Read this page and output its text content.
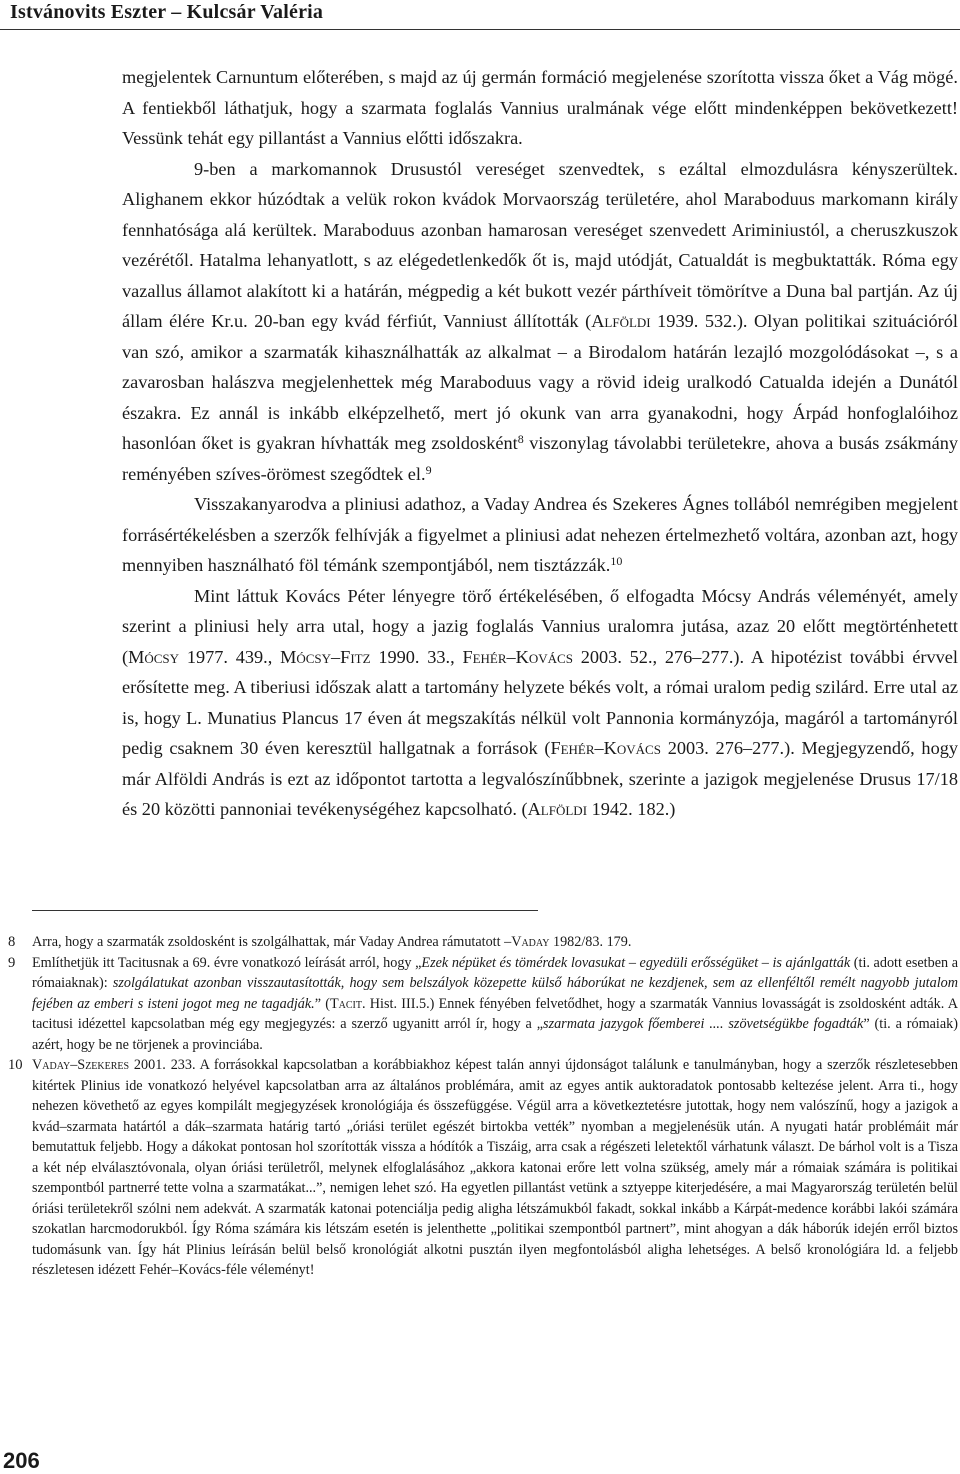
Istvánovits Eszter – Kulcsár Valéria

megjelentek Carnuntum előterében, s majd az új germán formáció megjelenése szorította vissza őket a Vág mögé. A fentiekből láthatjuk, hogy a szarmata foglalás Vannius uralmának vége előtt mindenképpen bekövetkezett! Vessünk tehát egy pillantást a Vannius előtti időszakra.

9-ben a markomannok Drusustól vereséget szenvedtek, s ezáltal elmozdulásra kényszerültek. Alighanem ekkor húzódtak a velük rokon kvádok Morvaország területére, ahol Maraboduus markomann király fennhatósága alá kerültek. Maraboduus azonban hamarosan vereséget szenvedett Ariminiustól, a cheruszkuszok vezérétől. Hatalma lehanyatlott, s az elégedetlenkedők őt is, majd utódját, Catualdát is megbuktatták. Róma egy vazallus államot alakított ki a határán, mégpedig a két bukott vezér párthíveit tömörítve a Duna bal partján. Az új állam élére Kr.u. 20-ban egy kvád férfiút, Vanniust állították (Alföldi 1939. 532.). Olyan politikai szituációról van szó, amikor a szarmaták kihasználhatták az alkalmat – a Birodalom határán lezajló mozgolódásokat –, s a zavarosban halászva megjelenhettek még Maraboduus vagy a rövid ideig uralkodó Catualda idején a Dunától északra. Ez annál is inkább elképzelhető, mert jó okunk van arra gyanakodni, hogy Árpád honfoglalóihoz hasonlóan őket is gyakran hívhatták meg zsoldosként$^8$ viszonylag távolabbi területekre, ahova a busás zsákmány reményében szíves-örömest szegődtek el.$^9$

Visszakanyarodva a pliniusi adathoz, a Vaday Andrea és Szekeres Ágnes tollából nemrégiben megjelent forrásértékelésben a szerzők felhívják a figyelmet a pliniusi adat nehezen értelmezhető voltára, azonban azt, hogy mennyiben használható föl témánk szempontjából, nem tisztázzák.$^{10}$

Mint láttuk Kovács Péter lényegre törő értékelésében, ő elfogadta Mócsy András véleményét, amely szerint a pliniusi hely arra utal, hogy a jazig foglalás Vannius uralomra jutása, azaz 20 előtt megtörténhetett (Mócsy 1977. 439., Mócsy–Fitz 1990. 33., Fehér–Kovács 2003. 52., 276–277.). A hipotézist további érvvel erősítette meg. A tiberiusi időszak alatt a tartomány helyzete békés volt, a római uralom pedig szilárd. Erre utal az is, hogy L. Munatius Plancus 17 éven át megszakítás nélkül volt Pannonia kormányzója, magáról a tartományról pedig csaknem 30 éven keresztül hallgatnak a források (Fehér–Kovács 2003. 276–277.). Megjegyzendő, hogy már Alföldi András is ezt az időpontot tartotta a legvalószínűbbnek, szerinte a jazigok megjelenése Drusus 17/18 és 20 közötti pannoniai tevékenységéhez kapcsolható. (Alföldi 1942. 182.)

8 Arra, hogy a szarmaták zsoldosként is szolgálhattak, már Vaday Andrea rámutatott –Vaday 1982/83. 179.
9 Említhetjük itt Tacitusnak a 69. évre vonatkozó leírását arról, hogy „Ezek népüket és tömérdek lovasukat – egyedüli erősségüket – is ajánlgatták (ti. adott esetben a rómaiaknak): szolgálatukat azonban visszautasították, hogy sem belszályok közepette külső háborúkat ne kezdjenek, sem az ellenféltől remélt nagyobb jutalom fejében az emberi s isteni jogot meg ne tagadják.” (Tacit. Hist. III.5.) Ennek fényében felvetődhet, hogy a szarmaták Vannius lovasságát is zsoldosként adták. A tacitusi idézettel kapcsolatban még egy megjegyzés: a szerző ugyanitt arról ír, hogy a „szarmata jazygok főemberei .... szövetségükbe fogadták” (ti. a rómaiak) azért, hogy be ne törjenek a provinciába.
10 Vaday–Szekeres 2001. 233. A forrásokkal kapcsolatban a korábbiakhoz képest talán annyi újdonságot találunk e tanulmányban, hogy a szerzők részletesebben kitértek Plinius ide vonatkozó helyével kapcsolatban arra az általános problémára, amit az egyes antik auktoradatok pontosabb keltezése jelent. Arra ti., hogy nehezen követhető az egyes kompilált megjegyzések kronológiája és összefüggése. Végül arra a következtetésre jutottak, hogy nem valószínű, hogy a jazigok a kvád–szarmata határtól a dák–szarmata határig tartó „óriási terület egészét birtokba vették” nyomban a megjelenésük után. A nyugati határ problémáit már bemutattuk feljebb. Hogy a dákokat pontosan hol szorították vissza a hódítók a Tiszáig, arra csak a régészeti leletektől várhatunk választ. De bárhol volt is a Tisza a két nép elválasztóvonala, olyan óriási területről, melynek elfoglalásához „akkora katonai erőre lett volna szükség, amely már a rómaiak számára is politikai szempontból partnerré tette volna a szarmatákat...”, nemigen lehet szó. Ha egyetlen pillantást vetünk a sztyeppe kiterjedésére, a mai Magyarország területén belül óriási területekről szólni nem adekvát. A szarmaták katonai potenciálja pedig aligha létszámukból fakadt, sokkal inkább a Kárpát-medence korábbi lakói számára szokatlan harcmodorukból. Így Róma számára kis létszám esetén is jelenthette „politikai szempontból partnert”, mint ahogyan a dák háborúk idején erről biztos tudomásunk van. Így hát Plinius leírásán belül belső kronológiát alkotni pusztán ilyen megfontolásból aligha lehetséges. A belső kronológiára ld. a feljebb részletesen idézett Fehér–Kovács-féle véleményt!
206
